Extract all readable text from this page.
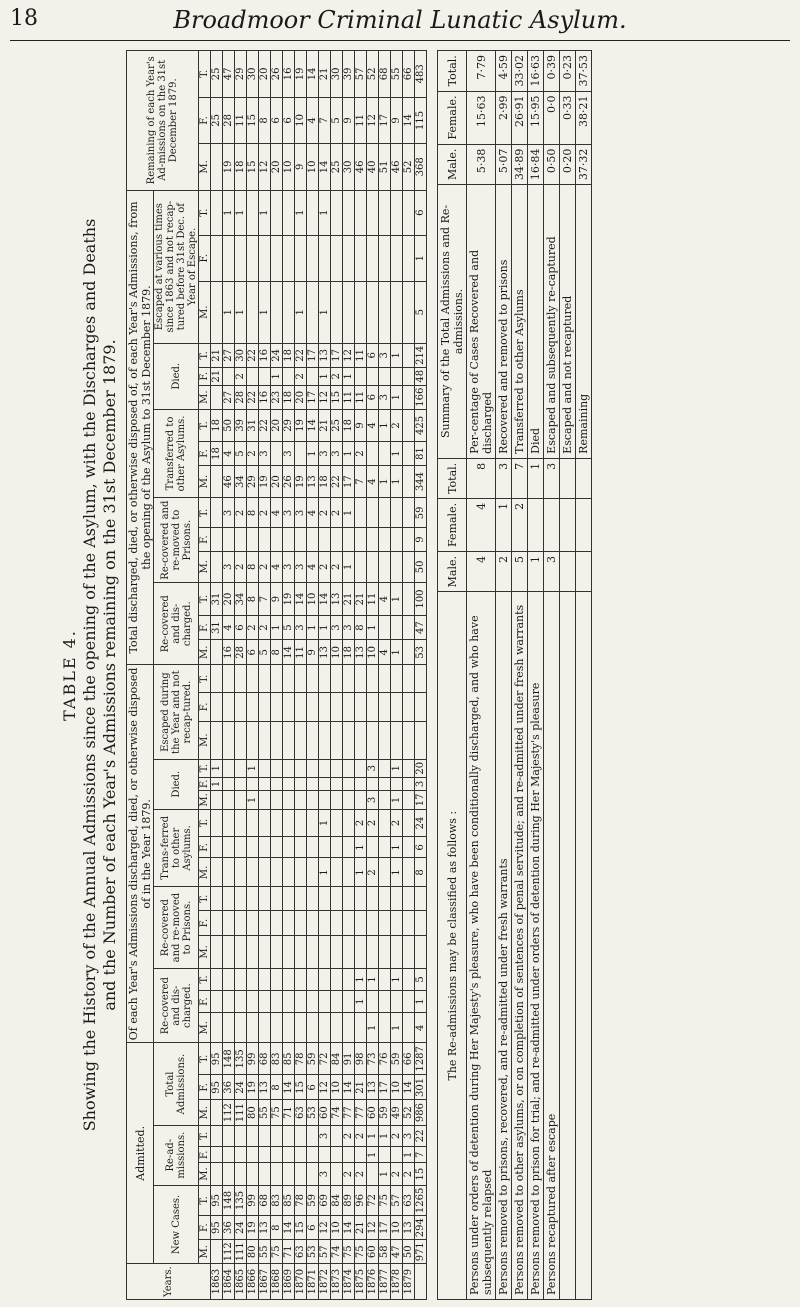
18	Broadmoor Criminal Lunatic Asylum.
TABLE 4. Showing the History of the Annual Admissions since the opening of the Asylum, with the Discharges and Deaths and the Number of each Year's Admissions remaining on the 31st December 1879.
Years.	Admitted.									Of each Year's Admissions discharged, died, or otherwise disposed of in the Year 1879.															Total discharged, died, or otherwise disposed of, of each Year's Admissions, from the opening of the Asylum to 31st December 1879.															Remaining of each Year's Ad-missions on the 31st December 1879.		
	New Cases.			Re-ad-missions.			Total Admissions.			Re-covered and dis-charged.			Re-covered and re-moved to Prisons.			Trans-ferred to other Asylums.			Died.			Escaped during the Year and not recap-tured.			Re-covered and dis-charged.			Re-covered and re-moved to Prisons.			Transferred to other Asylums.			Died.			Escaped at various times since 1863 and not recap-tured before 31st Dec. of Year of Escape.					
	M.	F.	T.	M.	F.	T.	M.	F.	T.	M.	F.	T.	M.	F.	T.	M.	F.	T.	M.	F.	T.	M.	F.	T.	M.	F.	T.	M.	F.	T.	M.	F.	T.	M.	F.	T.	M.	F.	T.	M.	F.	T.
1863		95	95					95	95											1	1					31	31					18	18		21	21					25	25
1864	112	36	148				112	36	148																16	4	20	3		3	46	4	50	27		27	1		1	19	28	47
1865	111	24	135				111	24	135																28	6	34	2		2	34	5	39	28	2	30	1		1	18	11	29
1866	80	19	99				80	19	99										1		1				6	2	8	8		8	29	2	31	22		22				15	15	30
1867	55	13	68				55	13	68																5	2	7	2		2	19	3	22	16		16	1		1	12	8	20
1868	75	8	83				75	8	83																8	1	9	4		4	20		20	23	1	24				20	6	26
1869	71	14	85				71	14	85																14	5	19	3		3	26	3	29	18		18				10	6	16
1870	63	15	78				63	15	78																11	3	14	3		3	19		19	20	2	22	1		1	9	10	19
1871	53	6	59				53	6	59																9	1	10	4		4	13	1	14	17		17				10	4	14
1872	57	12	69	3		3	60	12	72							1		1							13	1	14	2		2	18	3	21	12	1	13	1		1	14	7	21
1873	74	10	84				74	10	84																10	3	13	2		2	22	3	25	15	2	17				25	5	30
1874	75	14	89	2		2	77	14	91																18	3	21	1		1	17	1	18	11	1	12				30	9	39
1875	75	21	96	2		2	77	21	98		1	1				1	1	2							13	8	21				7	2	9	11		11				46	11	57
1876	60	12	72		1	1	60	13	73	1		1				2		2	3		3				10	1	11				4		4	6		6				40	12	52
1877	58	17	75	1		1	59	17	76																4		4				1		1	3		3				51	17	68
1878	47	10	57	2		2	49	10	59	1		1				1	1	2	1		1				1		1				1	1	2	1		1				46	9	55
1879	50	13	63	2	1	3	52	14	66																															52	14	66
	971	294	1265	15	7	22	986	301	1287	4	1	5				8	6	24	17	3	20				53	47	100	50	9	59	344	81	425	166	48	214	5	1	6	368	115	483
The Re-admissions may be classified as follows :	Male.	Female.	Total.	Summary of the Total Admissions and Re-admissions.	Male.	Female.	Total.
Persons under orders of detention during Her Majesty's pleasure, who have been conditionally discharged, and who have subsequently relapsed	4	4	8	Per-centage of Cases Recovered and discharged	5·38	15·63	7·79
Persons removed to prisons, recovered, and re-admitted under fresh warrants	2	1	3	Recovered and removed to prisons	5·07	2·99	4·59
Persons removed to other asylums, or on completion of sentences of penal servitude; and re-admitted under fresh warrants	5	2	7	Transferred to other Asylums	34·89	26·91	33·02
Persons removed to prison for trial; and re-admitted under orders of detention during Her Majesty's pleasure	1		1	Died	16·84	15·95	16·63
Persons recaptured after escape	3		3	Escaped and subsequently re-captured	0·50	0·0	0·39
				Escaped and not recaptured	0·20	0·33	0·23
				Remaining	37·32	38·21	37·53
